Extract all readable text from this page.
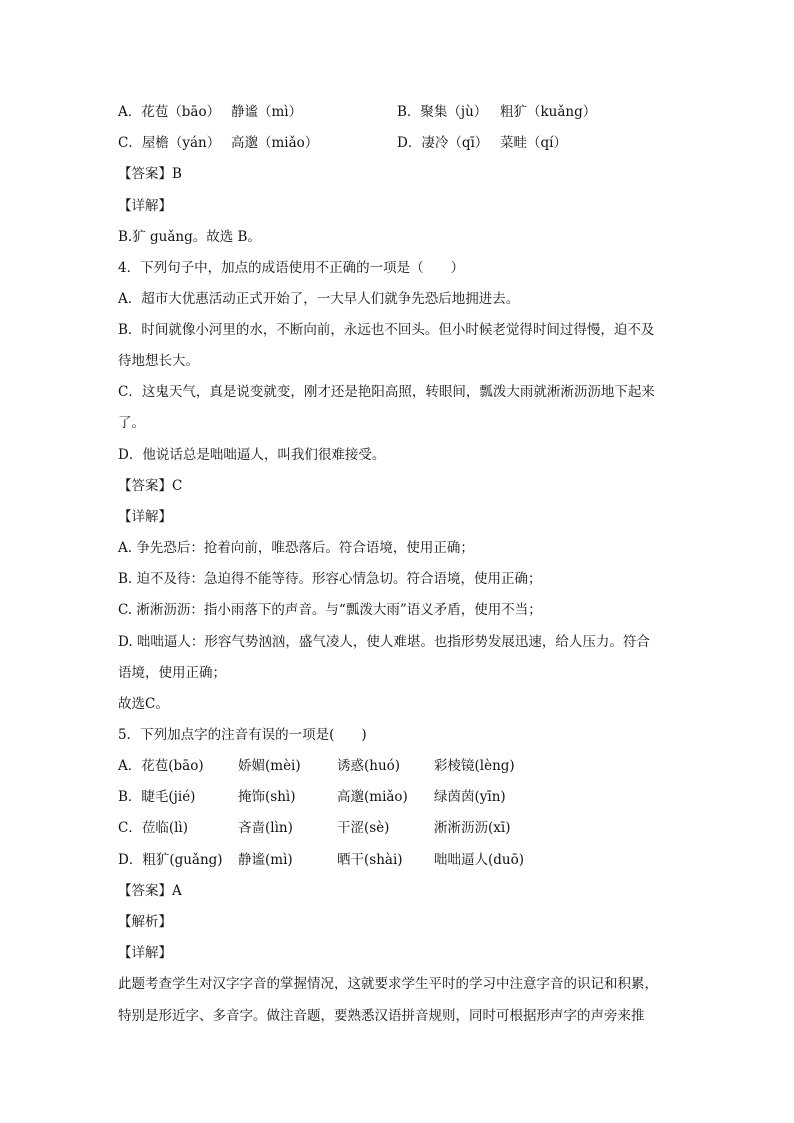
A．花苞（bāo） 静谧（mì）	B．聚集（jù） 粗犷（kuǎng）
C．屋檐（yán） 高邈（miǎo）	D．凄冷（qī） 菜畦（qí）
【答案】B
【详解】
B.犷 guǎng。故选 B。
4．下列句子中，加点的成语使用不正确的一项是（　　）
A．超市大优惠活动正式开始了，一大早人们就争先恐后地拥进去。
B．时间就像小河里的水，不断向前，永远也不回头。但小时候老觉得时间过得慢，迫不及
待地想长大。
C．这鬼天气，真是说变就变，刚才还是艳阳高照，转眼间，瓢泼大雨就淅淅沥沥地下起来
了。
D．他说话总是咄咄逼人，叫我们很难接受。
【答案】C
【详解】
A. 争先恐后：抢着向前，唯恐落后。符合语境，使用正确；
B. 迫不及待：急迫得不能等待。形容心情急切。符合语境，使用正确；
C. 淅淅沥沥：指小雨落下的声音。与“瓢泼大雨”语义矛盾，使用不当；
D. 咄咄逼人：形容气势汹汹，盛气凌人，使人难堪。也指形势发展迅速，给人压力。符合
语境，使用正确；
故选C。
5．下列加点字的注音有误的一项是(　　)
A．花苞(bāo)	娇媚(mèi)	诱惑(huó)	彩棱镜(lèng)
B．睫毛(jié)	掩饰(shì)	高邈(miǎo) 绿茵茵(yīn)
C．莅临(lì)	吝啬(lìn)	干涩(sè)	淅淅沥沥(xī)
D．粗犷(guǎng) 静谧(mì)	晒干(shài) 咄咄逼人(duō)
【答案】A
【解析】
【详解】
此题考查学生对汉字字音的掌握情况，这就要求学生平时的学习中注意字音的识记和积累，
特别是形近字、多音字。做注音题，要熟悉汉语拼音规则，同时可根据形声字的声旁来推
